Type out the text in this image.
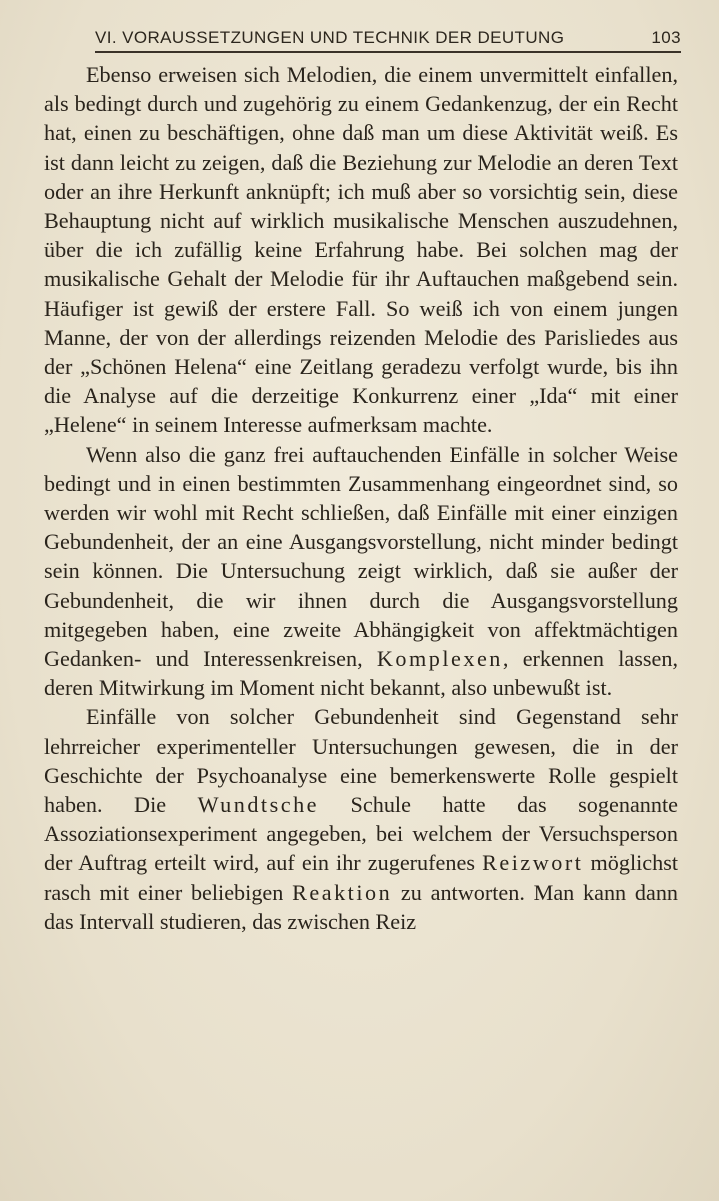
VI. VORAUSSETZUNGEN UND TECHNIK DER DEUTUNG	103

Ebenso erweisen sich Melodien, die einem unvermittelt einfallen, als bedingt durch und zugehörig zu einem Gedankenzug, der ein Recht hat, einen zu beschäftigen, ohne daß man um diese Aktivität weiß. Es ist dann leicht zu zeigen, daß die Beziehung zur Melodie an deren Text oder an ihre Herkunft anknüpft; ich muß aber so vorsichtig sein, diese Behauptung nicht auf wirklich musikalische Menschen auszudehnen, über die ich zufällig keine Erfahrung habe. Bei solchen mag der musikalische Gehalt der Melodie für ihr Auftauchen maßgebend sein. Häufiger ist gewiß der erstere Fall. So weiß ich von einem jungen Manne, der von der allerdings reizenden Melodie des Parisliedes aus der „Schönen Helena“ eine Zeitlang geradezu verfolgt wurde, bis ihn die Analyse auf die derzeitige Konkurrenz einer „Ida“ mit einer „Helene“ in seinem Interesse aufmerksam machte.

Wenn also die ganz frei auftauchenden Einfälle in solcher Weise bedingt und in einen bestimmten Zusammenhang eingeordnet sind, so werden wir wohl mit Recht schließen, daß Einfälle mit einer einzigen Gebundenheit, der an eine Ausgangsvorstellung, nicht minder bedingt sein können. Die Untersuchung zeigt wirklich, daß sie außer der Gebundenheit, die wir ihnen durch die Ausgangsvorstellung mitgegeben haben, eine zweite Abhängigkeit von affektmächtigen Gedanken- und Interessenkreisen, Komplexen, erkennen lassen, deren Mitwirkung im Moment nicht bekannt, also unbewußt ist.

Einfälle von solcher Gebundenheit sind Gegenstand sehr lehrreicher experimenteller Untersuchungen gewesen, die in der Geschichte der Psychoanalyse eine bemerkenswerte Rolle gespielt haben. Die Wundtsche Schule hatte das sogenannte Assoziationsexperiment angegeben, bei welchem der Versuchsperson der Auftrag erteilt wird, auf ein ihr zugerufenes Reizwort möglichst rasch mit einer beliebigen Reaktion zu antworten. Man kann dann das Intervall studieren, das zwischen Reiz
